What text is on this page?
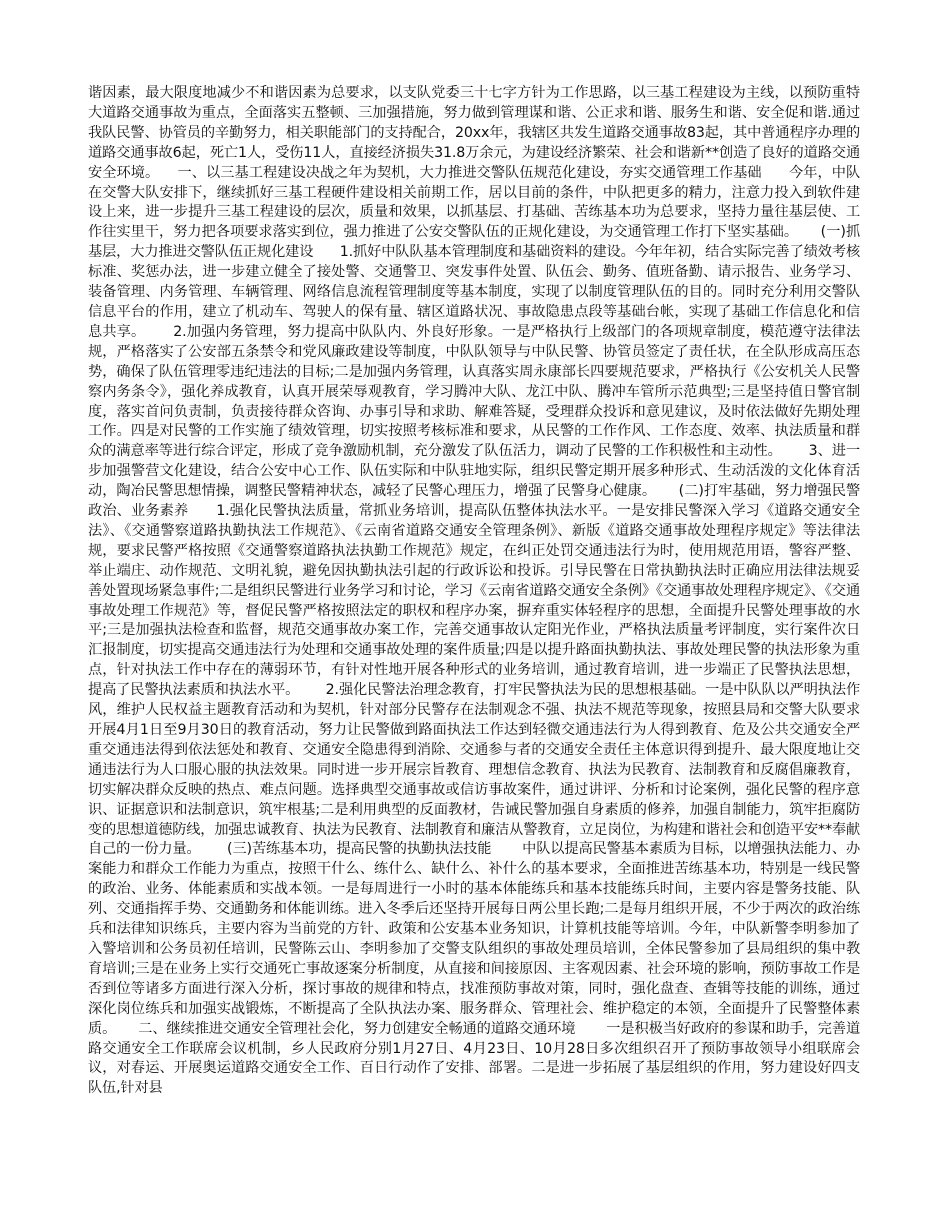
谐因素，最大限度地减少不和谐因素为总要求，以支队党委三十七字方针为工作思路，以三基工程建设为主线，以预防重特大道路交通事故为重点，全面落实五整顿、三加强措施，努力做到管理谋和谐、公正求和谐、服务生和谐、安全促和谐.通过我队民警、协管员的辛勤努力，相关职能部门的支持配合，20xx年，我辖区共发生道路交通事故83起，其中普通程序办理的道路交通事故6起，死亡1人，受伤11人，直接经济损失31.8万余元，为建设经济繁荣、社会和谐新**创造了良好的道路交通安全环境。    一、以三基工程建设决战之年为契机，大力推进交警队伍规范化建设，夯实交通管理工作基础      今年，中队在交警大队安排下，继续抓好三基工程硬件建设相关前期工作，居以目前的条件，中队把更多的精力，注意力投入到软件建设上来，进一步提升三基工程建设的层次，质量和效果，以抓基层、打基础、苦练基本功为总要求，坚持力量往基层使、工作往实里干，努力把各项要求落实到位，强力推进了公安交警队伍的正规化建设，为交通管理工作打下坚实基础。     (一)抓基层，大力推进交警队伍正规化建设      1.抓好中队队基本管理制度和基础资料的建设。今年年初，结合实际完善了绩效考核标准、奖惩办法，进一步建立健全了接处警、交通警卫、突发事件处置、队伍会、勤务、值班备勤、请示报告、业务学习、装备管理、内务管理、车辆管理、网络信息流程管理制度等基本制度，实现了以制度管理队伍的目的。同时充分利用交警队信息平台的作用，建立了机动车、驾驶人的保有量、辖区道路状况、事故隐患点段等基础台帐，实现了基础工作信息化和信息共享。      2.加强内务管理，努力提高中队队内、外良好形象。一是严格执行上级部门的各项规章制度，模范遵守法律法规，严格落实了公安部五条禁令和党风廉政建设等制度，中队队领导与中队民警、协管员签定了责任状，在全队形成高压态势，确保了队伍管理零违纪违法的目标;二是加强内务管理，认真落实周永康部长四要规范要求，严格执行《公安机关人民警察内务条令》，强化养成教育，认真开展荣辱观教育，学习腾冲大队、龙江中队、腾冲车管所示范典型;三是坚持值日警官制度，落实首问负责制，负责接待群众咨询、办事引导和求助、解难答疑，受理群众投诉和意见建议，及时依法做好先期处理工作。四是对民警的工作实施了绩效管理，切实按照考核标准和要求，从民警的工作作风、工作态度、效率、执法质量和群众的满意率等进行综合评定，形成了竞争激励机制，充分激发了队伍活力，调动了民警的工作积极性和主动性。      3、进一步加强警营文化建设，结合公安中心工作、队伍实际和中队驻地实际，组织民警定期开展多种形式、生动活泼的文化体育活动，陶冶民警思想情操，调整民警精神状态，减轻了民警心理压力，增强了民警身心健康。     (二)打牢基础，努力增强民警政治、业务素养      1.强化民警执法质量，常抓业务培训，提高队伍整体执法水平。一是安排民警深入学习《道路交通安全法》、《交通警察道路执勤执法工作规范》、《云南省道路交通安全管理条例》、新版《道路交通事故处理程序规定》等法律法规，要求民警严格按照《交通警察道路执法执勤工作规范》规定，在纠正处罚交通违法行为时，使用规范用语，警容严整、举止端庄、动作规范、文明礼貌，避免因执勤执法引起的行政诉讼和投诉。引导民警在日常执勤执法时正确应用法律法规妥善处置现场紧急事件;二是组织民警进行业务学习和讨论，学习《云南省道路交通安全条例》《交通事故处理程序规定》、《交通事故处理工作规范》等，督促民警严格按照法定的职权和程序办案，摒弃重实体轻程序的思想，全面提升民警处理事故的水平;三是加强执法检查和监督，规范交通事故办案工作，完善交通事故认定阳光作业，严格执法质量考评制度，实行案件次日汇报制度，切实提高交通违法行为处理和交通事故处理的案件质量;四是以提升路面执勤执法、事故处理民警的执法形象为重点，针对执法工作中存在的薄弱环节，有针对性地开展各种形式的业务培训，通过教育培训，进一步端正了民警执法思想，提高了民警执法素质和执法水平。      2.强化民警法治理念教育，打牢民警执法为民的思想根基础。一是中队队以严明执法作风，维护人民权益主题教育活动和为契机，针对部分民警存在法制观念不强、执法不规范等现象，按照县局和交警大队要求开展4月1日至9月30日的教育活动，努力让民警做到路面执法工作达到轻微交通违法行为人得到教育、危及公共交通安全严重交通违法得到依法惩处和教育、交通安全隐患得到消除、交通参与者的交通安全责任主体意识得到提升、最大限度地让交通违法行为人口服心服的执法效果。同时进一步开展宗旨教育、理想信念教育、执法为民教育、法制教育和反腐倡廉教育，切实解决群众反映的热点、难点问题。选择典型交通事故或信访事故案件，通过讲评、分析和讨论案例，强化民警的程序意识、证据意识和法制意识，筑牢根基;二是利用典型的反面教材，告诫民警加强自身素质的修养，加强自制能力，筑牢拒腐防变的思想道德防线，加强忠诚教育、执法为民教育、法制教育和廉洁从警教育，立足岗位，为构建和谐社会和创造平安**奉献自己的一份力量。      (三)苦练基本功，提高民警的执勤执法技能       中队以提高民警基本素质为目标，以增强执法能力、办案能力和群众工作能力为重点，按照干什么、练什么、缺什么、补什么的基本要求，全面推进苦练基本功，特别是一线民警的政治、业务、体能素质和实战本领。一是每周进行一小时的基本体能练兵和基本技能练兵时间，主要内容是警务技能、队列、交通指挥手势、交通勤务和体能训练。进入冬季后还坚持开展每日两公里长跑;二是每月组织开展，不少于两次的政治练兵和法律知识练兵，主要内容为当前党的方针、政策和公安基本业务知识，计算机技能等培训。今年，中队新警李明参加了入警培训和公务员初任培训，民警陈云山、李明参加了交警支队组织的事故处理员培训，全体民警参加了县局组织的集中教育培训;三是在业务上实行交通死亡事故逐案分析制度，从直接和间接原因、主客观因素、社会环境的影响，预防事故工作是否到位等诸多方面进行深入分析，探讨事故的规律和特点，找准预防事故对策，同时，强化盘查、查辑等技能的训练，通过深化岗位练兵和加强实战锻炼，不断提高了全队执法办案、服务群众、管理社会、维护稳定的本领，全面提升了民警整体素质。     二、继续推进交通安全管理社会化，努力创建安全畅通的道路交通环境       一是积极当好政府的参谋和助手，完善道路交通安全工作联席会议机制，乡人民政府分别1月27日、4月23日、10月28日多次组织召开了预防事故领导小组联席会议，对春运、开展奥运道路交通安全工作、百日行动作了安排、部署。二是进一步拓展了基层组织的作用，努力建设好四支队伍,针对县
